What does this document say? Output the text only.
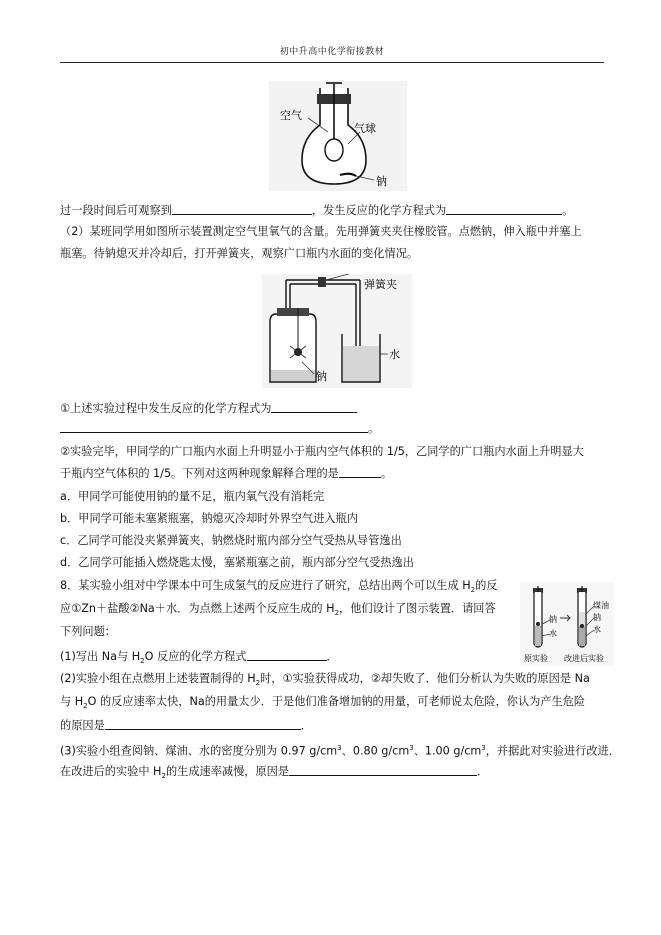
初中升高中化学衔接教材
空气
气球
钠
过一段时间后可观察到	，发生反应的化学方程式为	。
（2）某班同学用如图所示装置测定空气里氧气的含量。先用弹簧夹夹住橡胶管。点燃钠，伸入瓶中并塞上
瓶塞。待钠熄灭并冷却后，打开弹簧夹，观察广口瓶内水面的变化情况。
弹簧夹
水
钠
①上述实验过程中发生反应的化学方程式为
。
②实验完毕，甲同学的广口瓶内水面上升明显小于瓶内空气体积的 1/5，乙同学的广口瓶内水面上升明显大
于瓶内空气体积的 1/5。下列对这两种现象解释合理的是	。
a．甲同学可能使用钠的量不足，瓶内氧气没有消耗完
b．甲同学可能未塞紧瓶塞，钠熄灭冷却时外界空气进入瓶内
c．乙同学可能没夹紧弹簧夹，钠燃烧时瓶内部分空气受热从导管逸出
d．乙同学可能插入燃烧匙太慢，塞紧瓶塞之前，瓶内部分空气受热逸出
8．某实验小组对中学课本中可生成氢气的反应进行了研究，总结出两个可以生成 $H_2$的反
应①Zn＋盐酸②Na＋水．为点燃上述两个反应生成的 $H_2$，他们设计了图示装置．请回答
下列问题：
钠
水
煤油
钠
水
原实验 改进后实验
(1)写出 Na与 $H_2O$ 反应的化学方程式	．
(2)实验小组在点燃用上述装置制得的 $H_2$时，①实验获得成功，②却失败了．他们分析认为失败的原因是 Na
与 $H_2O$ 的反应速率太快，Na的用量太少．于是他们准备增加钠的用量，可老师说太危险，你认为产生危险
的原因是	．
(3)实验小组查阅钠、煤油、水的密度分别为 0.97 $g/cm^3$、0.80 $g/cm^3$、1.00 $g/cm^3$，并据此对实验进行改进．
在改进后的实验中 $H_2$的生成速率减慢，原因是	．
